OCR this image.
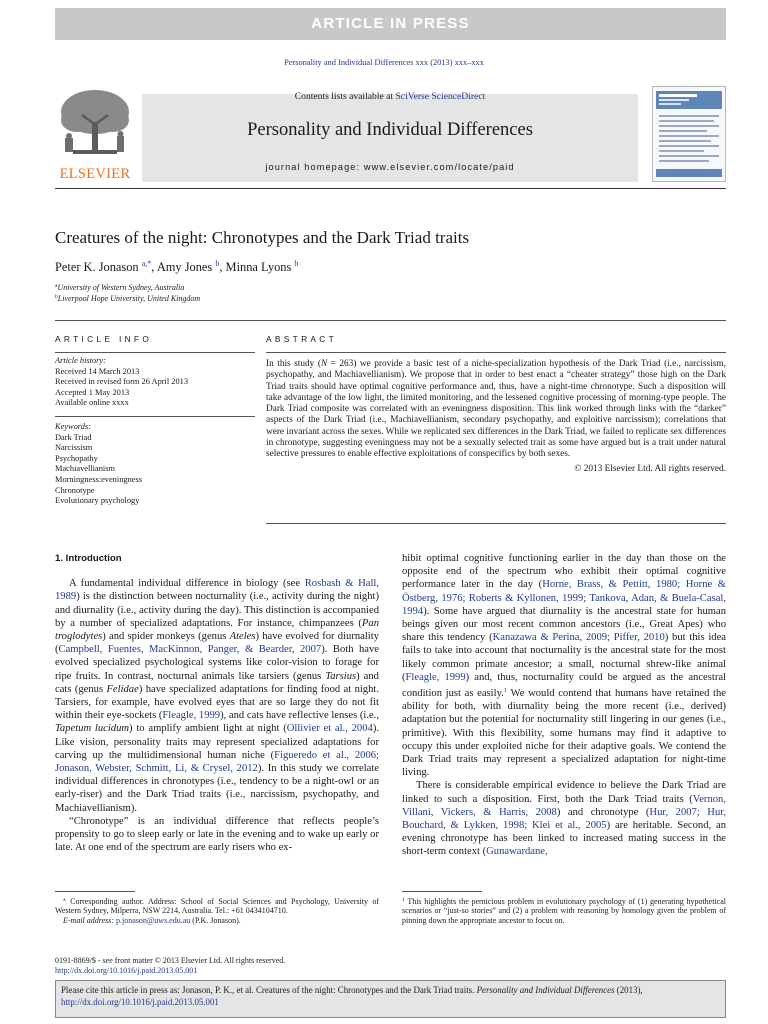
ARTICLE IN PRESS
Personality and Individual Differences xxx (2013) xxx–xxx
ELSEVIER
Personality and Individual Differences
journal homepage: www.elsevier.com/locate/paid
Contents lists available at SciVerse ScienceDirect
Creatures of the night: Chronotypes and the Dark Triad traits
Peter K. Jonason $^{a,*}$, Amy Jones $^b$, Minna Lyons $^b$
$^a$University of Western Sydney, Australia
$^b$Liverpool Hope University, United Kingdom
ARTICLE INFO	ABSTRACT
Article history:
Received 14 March 2013
Received in revised form 26 April 2013
Accepted 1 May 2013
Available online xxxx
Keywords:
Dark Triad
Narcissism
Psychopathy
Machiavellianism
Morningness:eveningness
Chronotype
Evolutionary psychology
In this study (N = 263) we provide a basic test of a niche-specialization hypothesis of the Dark Triad (i.e., narcissism, psychopathy, and Machiavellianism). We propose that in order to best enact a “cheater strategy” those high on the Dark Triad traits should have optimal cognitive performance and, thus, have a night-time chronotype. Such a disposition will take advantage of the low light, the limited monitoring, and the lessened cognitive processing of morning-type people. The Dark Triad composite was correlated with an eveningness disposition. This link worked through links with the “darker” aspects of the Dark Triad (i.e., Machiavellianism, secondary psychopathy, and exploitive narcissism); correlations that were invariant across the sexes. While we replicated sex differences in the Dark Triad, we failed to replicate sex differences in chronotype, suggesting eveningness may not be a sexually selected trait as some have argued but is a trait under natural selective pressures to enable effective exploitations of conspecifics by both sexes.
© 2013 Elsevier Ltd. All rights reserved.
1. Introduction

A fundamental individual difference in biology (see Rosbash & Hall, 1989) is the distinction between nocturnality (i.e., activity during the night) and diurnality (i.e., activity during the day). This distinction is accompanied by a number of specialized adaptations. For instance, chimpanzees (Pan troglodytes) and spider monkeys (genus Ateles) have evolved for diurnality (Campbell, Fuentes, MacKinnon, Panger, & Bearder, 2007). Both have evolved specialized psychological systems like color-vision to forage for ripe fruits. In contrast, nocturnal animals like tarsiers (genus Tarsius) and cats (genus Felidae) have specialized adaptations for finding food at night. Tarsiers, for example, have evolved eyes that are so large they do not fit within their eye-sockets (Fleagle, 1999), and cats have reflective lenses (i.e., Tapetum lucidum) to amplify ambient light at night (Ollivier et al., 2004). Like vision, personality traits may represent specialized adaptations for carving up the multidimensional human niche (Figueredo et al., 2006; Jonason, Webster, Schmitt, Li, & Crysel, 2012). In this study we correlate individual differences in chronotypes (i.e., tendency to be a night-owl or an early-riser) and the Dark Triad traits (i.e., narcissism, psychopathy, and Machiavellianism).

“Chronotype” is an individual difference that reflects people’s propensity to go to sleep early or late in the evening and to wake up early or late. At one end of the spectrum are early risers who ex-

hibit optimal cognitive functioning earlier in the day than those on the opposite end of the spectrum who exhibit their optimal cognitive performance later in the day (Horne, Brass, & Pettitt, 1980; Horne & Östberg, 1976; Roberts & Kyllonen, 1999; Tankova, Adan, & Buela-Casal, 1994). Some have argued that diurnality is the ancestral state for human beings given our most recent common ancestors (i.e., Great Apes) who share this tendency (Kanazawa & Perina, 2009; Piffer, 2010) but this idea fails to take into account that nocturnality is the ancestral state for the most likely common primate ancestor; a small, nocturnal shrew-like animal (Fleagle, 1999) and, thus, nocturnality could be argued as the ancestral condition just as easily.$^1$ We would contend that humans have retained the ability for both, with diurnality being the more recent (i.e., derived) adaptation but the potential for nocturnality still lingering in our genes (i.e., primitive). With this flexibility, some humans may find it adaptive to occupy this under exploited niche for their adaptive goals. We contend the Dark Triad traits may represent a specialized adaptation for night-time living.

There is considerable empirical evidence to believe the Dark Triad are linked to such a disposition. First, both the Dark Triad traits (Vernon, Villani, Vickers, & Harris, 2008) and chronotype (Hur, 2007; Hur, Bouchard, & Lykken, 1998; Klei et al., 2005) are heritable. Second, an evening chronotype has been linked to increased mating success in the short-term context (Gunawardane,

⁎ Corresponding author. Address: School of Social Sciences and Psychology, University of Western Sydney, Milperra, NSW 2214, Australia. Tel.: +61 0434104710.

E-mail address: p.jonason@uws.edu.au (P.K. Jonason).

$^1$ This highlights the pernicious problem in evolutionary psychology of (1) generating hypothetical scenarios or “just-so stories” and (2) a problem with reasoning by homology given the problem of pinning down the appropriate ancestor to focus on.

0191-8869/$ - see front matter © 2013 Elsevier Ltd. All rights reserved.
http://dx.doi.org/10.1016/j.paid.2013.05.001
Please cite this article in press as: Jonason, P. K., et al. Creatures of the night: Chronotypes and the Dark Triad traits. Personality and Individual Differences (2013), http://dx.doi.org/10.1016/j.paid.2013.05.001
